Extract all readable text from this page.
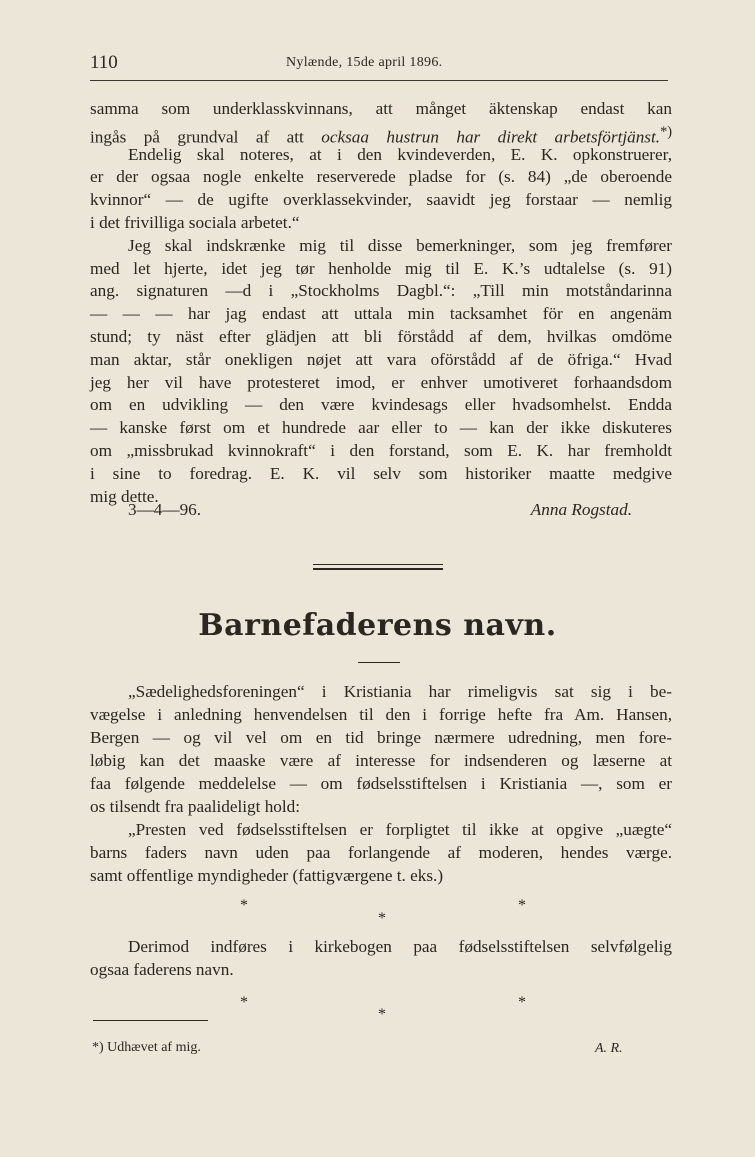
110	Nylænde, 15de april 1896.
samma som underklasskvinnans, att månget äktenskap endast kan
ingås på grundval af att ocksaa hustrun har direkt arbetsförtjänst.*)
Endelig skal noteres, at i den kvindeverden, E. K. opkonstruerer,
er der ogsaa nogle enkelte reserverede pladse for (s. 84) „de oberoende
kvinnor“ — de ugifte overklassekvinder, saavidt jeg forstaar — nemlig
i det frivilliga sociala arbetet.“
Jeg skal indskrænke mig til disse bemerkninger, som jeg fremfører
med let hjerte, idet jeg tør henholde mig til E. K.’s udtalelse (s. 91)
ang. signaturen —d i „Stockholms Dagbl.“: „Till min motståndarinna
— — — har jag endast att uttala min tacksamhet för en angenäm
stund; ty näst efter glädjen att bli förstådd af dem, hvilkas omdöme
man aktar, står onekligen nøjet att vara oförstådd af de öfriga.“ Hvad
jeg her vil have protesteret imod, er enhver umotiveret forhaandsdom
om en udvikling — den være kvindesags eller hvadsomhelst. Endda
— kanske først om et hundrede aar eller to — kan der ikke diskuteres
om „missbrukad kvinnokraft“ i den forstand, som E. K. har fremholdt
i sine to foredrag. E. K. vil selv som historiker maatte medgive
mig dette.
3—4—96.	Anna Rogstad.
Barnefaderens navn.
„Sædelighedsforeningen“ i Kristiania har rimeligvis sat sig i be-
vægelse i anledning henvendelsen til den i forrige hefte fra Am. Hansen,
Bergen — og vil vel om en tid bringe nærmere udredning, men fore-
løbig kan det maaske være af interesse for indsenderen og læserne at
faa følgende meddelelse — om fødselsstiftelsen i Kristiania —, som er
os tilsendt fra paalideligt hold:
„Presten ved fødselsstiftelsen er forpligtet til ikke at opgive „uægte“
barns faders navn uden paa forlangende af moderen, hendes værge.
samt offentlige myndigheder (fattigværgene t. eks.)
*	*
*
Derimod indføres i kirkebogen paa fødselsstiftelsen selvfølgelig
ogsaa faderens navn.
*	*
*
*) Udhævet af mig.	A. R.
